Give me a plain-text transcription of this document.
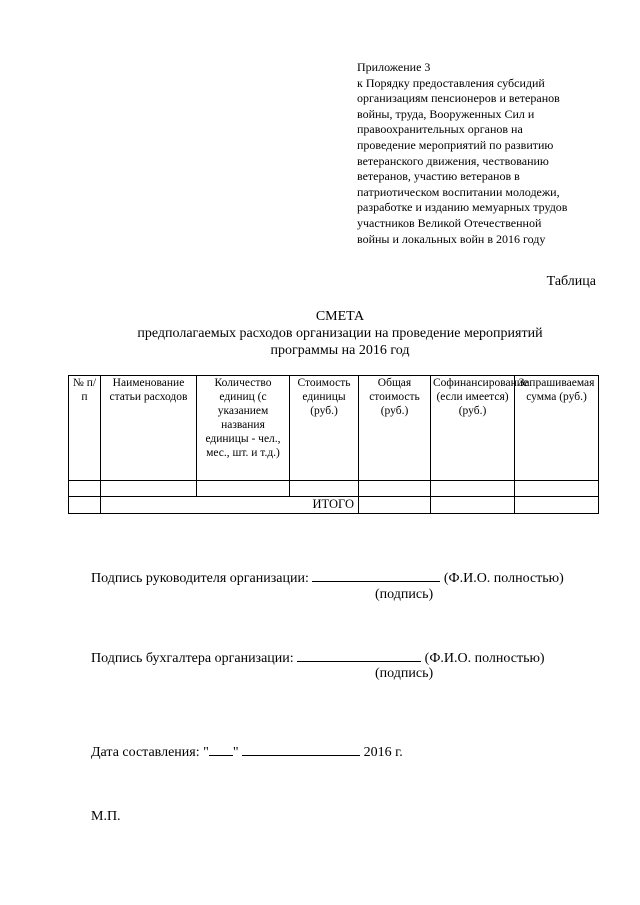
Приложение 3
к Порядку предоставления субсидий
организациям пенсионеров и ветеранов
войны, труда, Вооруженных Сил и
правоохранительных органов на
проведение мероприятий по развитию
ветеранского движения, чествованию
ветеранов, участию ветеранов в
патриотическом воспитании молодежи,
разработке и изданию мемуарных трудов
участников Великой Отечественной
войны и локальных войн в 2016 году
Таблица
СМЕТА
предполагаемых расходов организации на проведение мероприятий
программы на 2016 год
№ п/п	Наименование статьи расходов	Количество единиц (с указанием названия единицы - чел., мес., шт. и т.д.)	Стоимость единицы (руб.)	Общая стоимость (руб.)	Софинансирование (если имеется) (руб.)	Запрашиваемая сумма (руб.)

	ИТОГО					
Подпись руководителя организации:	(Ф.И.О. полностью)
(подпись)
Подпись бухгалтера организации:	(Ф.И.О. полностью)
(подпись)
Дата составления: " "	2016 г.
М.П.
